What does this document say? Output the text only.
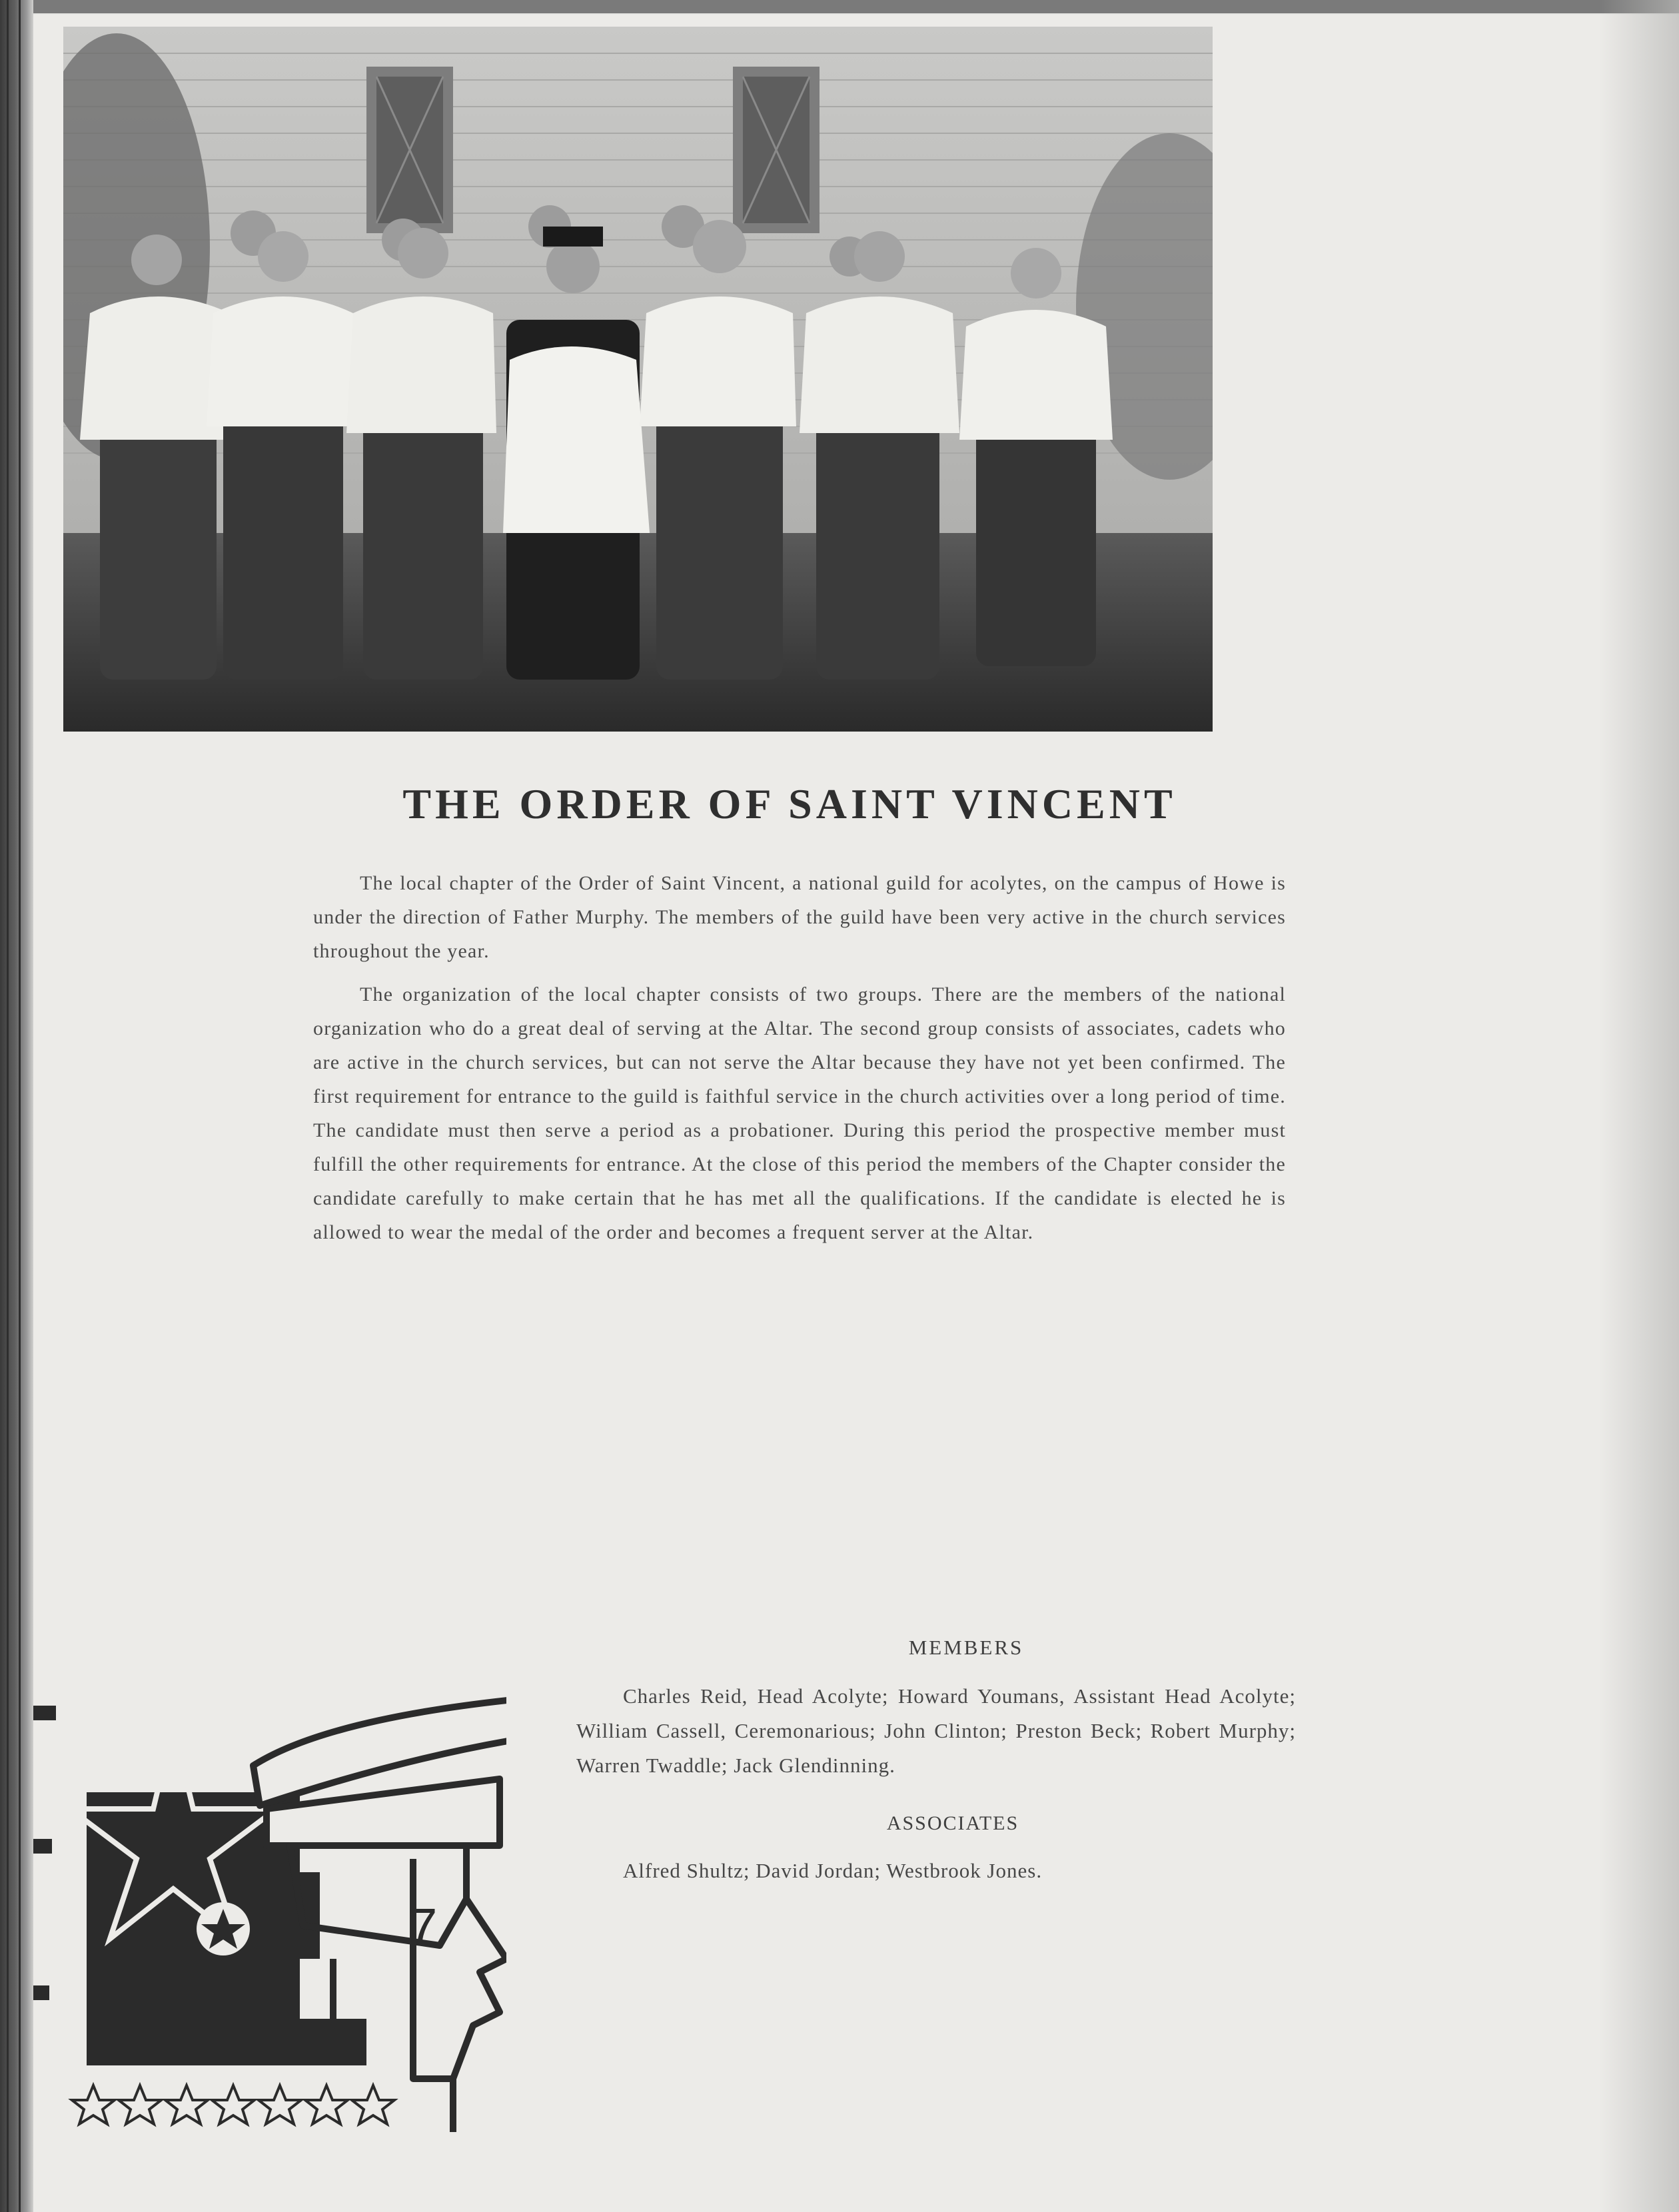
THE ORDER OF SAINT VINCENT

The local chapter of the Order of Saint Vincent, a national guild for acolytes, on the campus of Howe is under the direction of Father Murphy. The members of the guild have been very active in the church services throughout the year.

The organization of the local chapter consists of two groups. There are the members of the national organization who do a great deal of serving at the Altar. The second group consists of associates, cadets who are active in the church services, but can not serve the Altar because they have not yet been confirmed. The first requirement for entrance to the guild is faithful service in the church activities over a long period of time. The candidate must then serve a period as a probationer. During this period the prospective member must fulfill the other requirements for entrance. At the close of this period the members of the Chapter consider the candidate carefully to make certain that he has met all the qualifications. If the candidate is elected he is allowed to wear the medal of the order and becomes a frequent server at the Altar.

MEMBERS
Charles Reid, Head Acolyte; Howard Youmans, Assistant Head Acolyte; William Cassell, Ceremonarious; John Clinton; Preston Beck; Robert Murphy; Warren Twaddle; Jack Glendinning.
ASSOCIATES
Alfred Shultz; David Jordan; Westbrook Jones.
7
